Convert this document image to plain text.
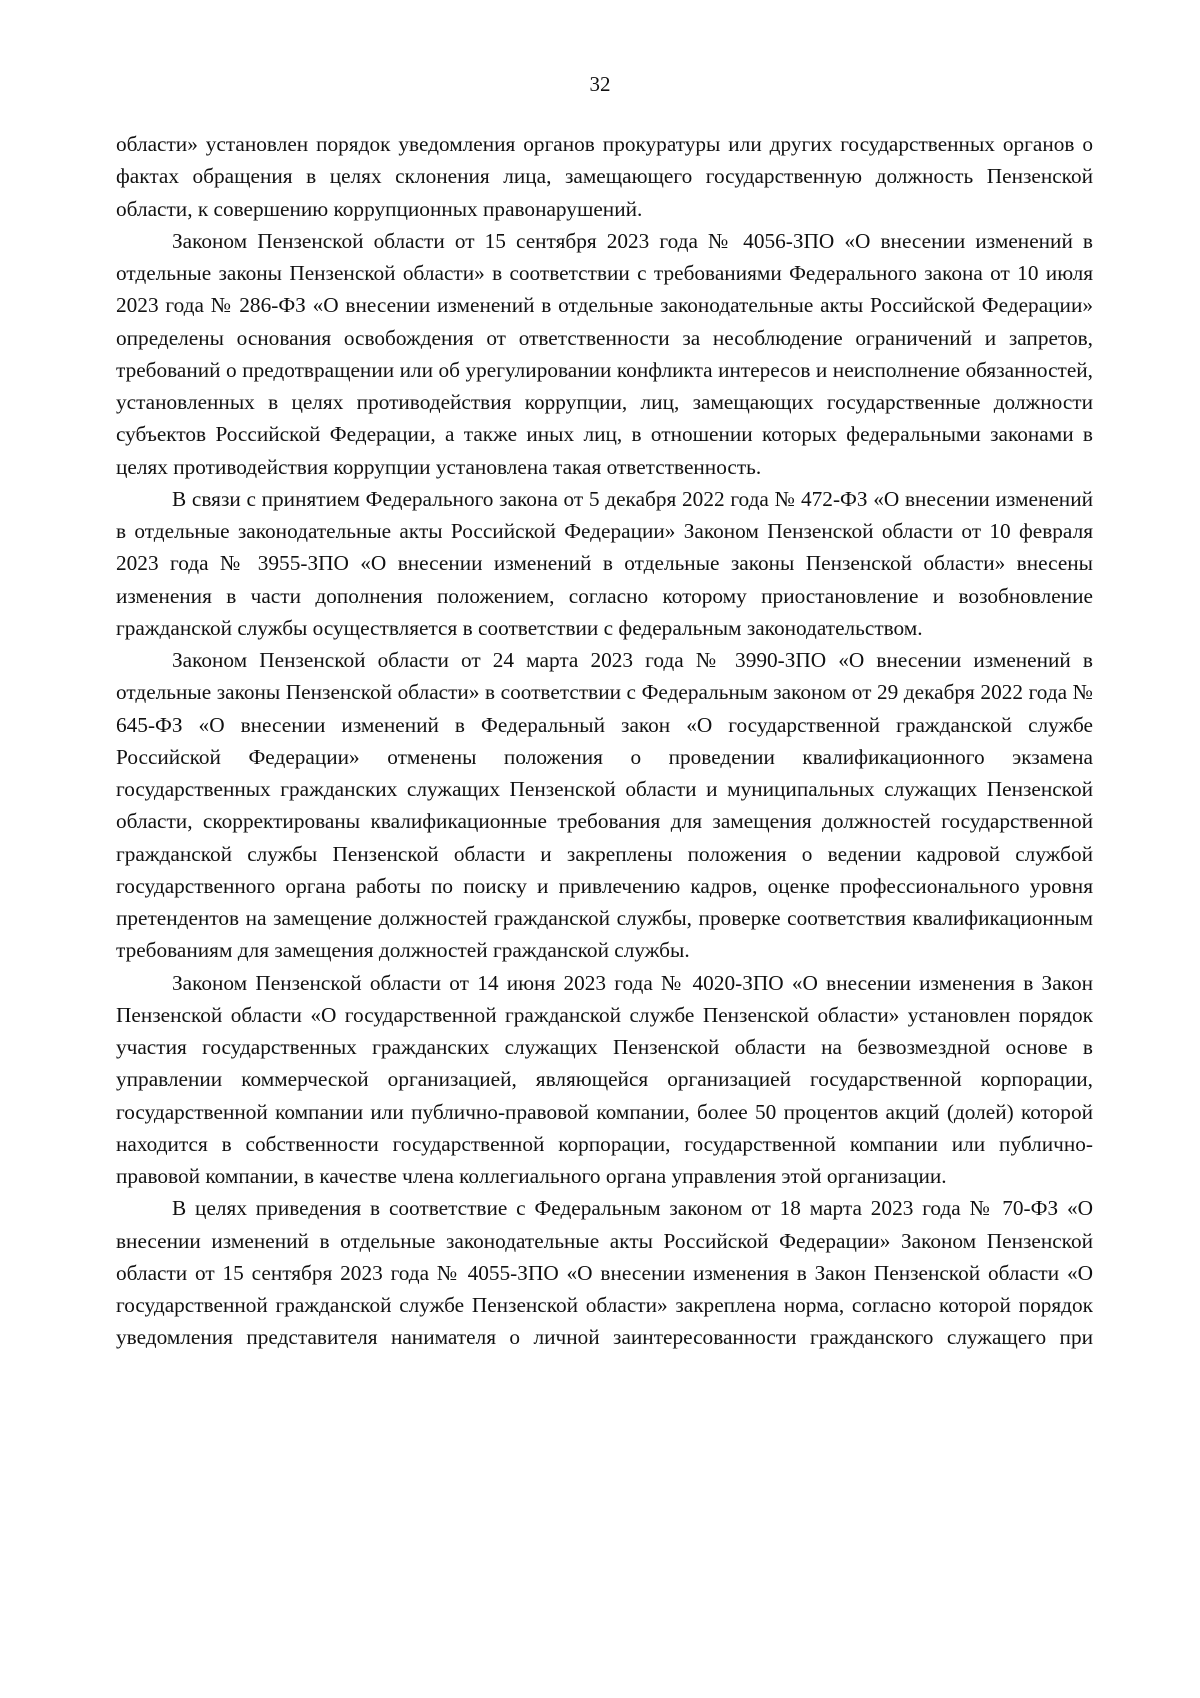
32

области» установлен порядок уведомления органов прокуратуры или других государственных органов о фактах обращения в целях склонения лица, замещающего государственную должность Пензенской области, к совершению коррупционных правонарушений.

Законом Пензенской области от 15 сентября 2023 года № 4056-ЗПО «О внесении изменений в отдельные законы Пензенской области» в соответствии с требованиями Федерального закона от 10 июля 2023 года № 286-ФЗ «О внесении изменений в отдельные законодательные акты Российской Федерации» определены основания освобождения от ответственности за несоблюдение ограничений и запретов, требований о предотвращении или об урегулировании конфликта интересов и неисполнение обязанностей, установленных в целях противодействия коррупции, лиц, замещающих государственные должности субъектов Российской Федерации, а также иных лиц, в отношении которых федеральными законами в целях противодействия коррупции установлена такая ответственность.

В связи с принятием Федерального закона от 5 декабря 2022 года № 472-ФЗ «О внесении изменений в отдельные законодательные акты Российской Федерации» Законом Пензенской области от 10 февраля 2023 года № 3955-ЗПО «О внесении изменений в отдельные законы Пензенской области» внесены изменения в части дополнения положением, согласно которому приостановление и возобновление гражданской службы осуществляется в соответствии с федеральным законодательством.

Законом Пензенской области от 24 марта 2023 года № 3990-ЗПО «О внесении изменений в отдельные законы Пензенской области» в соответствии с Федеральным законом от 29 декабря 2022 года № 645-ФЗ «О внесении изменений в Федеральный закон «О государственной гражданской службе Российской Федерации» отменены положения о проведении квалификационного экзамена государственных гражданских служащих Пензенской области и муниципальных служащих Пензенской области, скорректированы квалификационные требования для замещения должностей государственной гражданской службы Пензенской области и закреплены положения о ведении кадровой службой государственного органа работы по поиску и привлечению кадров, оценке профессионального уровня претендентов на замещение должностей гражданской службы, проверке соответствия квалификационным требованиям для замещения должностей гражданской службы.

Законом Пензенской области от 14 июня 2023 года № 4020-ЗПО «О внесении изменения в Закон Пензенской области «О государственной гражданской службе Пензенской области» установлен порядок участия государственных гражданских служащих Пензенской области на безвозмездной основе в управлении коммерческой организацией, являющейся организацией государственной корпорации, государственной компании или публично-правовой компании, более 50 процентов акций (долей) которой находится в собственности государственной корпорации, государственной компании или публично-правовой компании, в качестве члена коллегиального органа управления этой организации.

В целях приведения в соответствие с Федеральным законом от 18 марта 2023 года № 70-ФЗ «О внесении изменений в отдельные законодательные акты Российской Федерации» Законом Пензенской области от 15 сентября 2023 года № 4055-ЗПО «О внесении изменения в Закон Пензенской области «О государственной гражданской службе Пензенской области» закреплена норма, согласно которой порядок уведомления представителя нанимателя о личной заинтересованности гражданского служащего при
